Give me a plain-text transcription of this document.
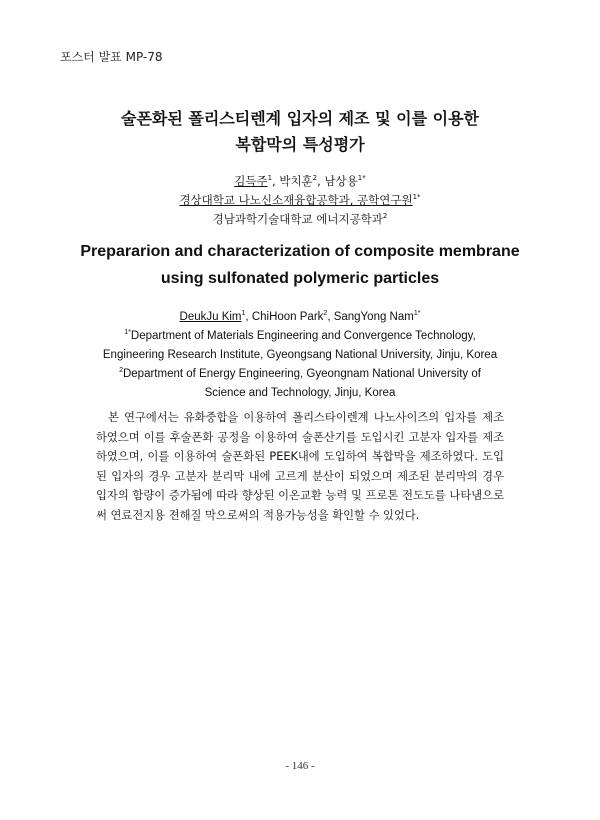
포스터 발표 MP-78
술폰화된 폴리스티렌계 입자의 제조 및 이를 이용한
복합막의 특성평가
김득주$^1$, 박치훈$^2$, 남상용$^{1*}$
경상대학교 나노신소재융합공학과, 공학연구원$^{1*}$
경남과학기술대학교 에너지공학과$^2$
Prepararion and characterization of composite membrane
using sulfonated polymeric particles
DeukJu Kim$^1$, ChiHoon Park$^2$, SangYong Nam$^{1*}$
$^{1*}$Department of Materials Engineering and Convergence Technology,
Engineering Research Institute, Gyeongsang National University, Jinju, Korea
$^2$Department of Energy Engineering, Gyeongnam National University of
Science and Technology, Jinju, Korea
본 연구에서는 유화중합을 이용하여 폴리스타이렌계 나노사이즈의 입자를 제조하였으며 이를 후술폰화 공정을 이용하여 술폰산기를 도입시킨 고분자 입자를 제조 하였으며, 이를 이용하여 술폰화된 PEEK내에 도입하여 복합막을 제조하였다. 도입된 입자의 경우 고분자 분리막 내에 고르게 분산이 되었으며 제조된 분리막의 경우 입자의 함량이 증가됨에 따라 향상된 이온교환 능력 및 프로톤 전도도를 나타냄으로써 연료전지용 젼해질 막으로써의 적용가능성을 확인할 수 있었다.
- 146 -
